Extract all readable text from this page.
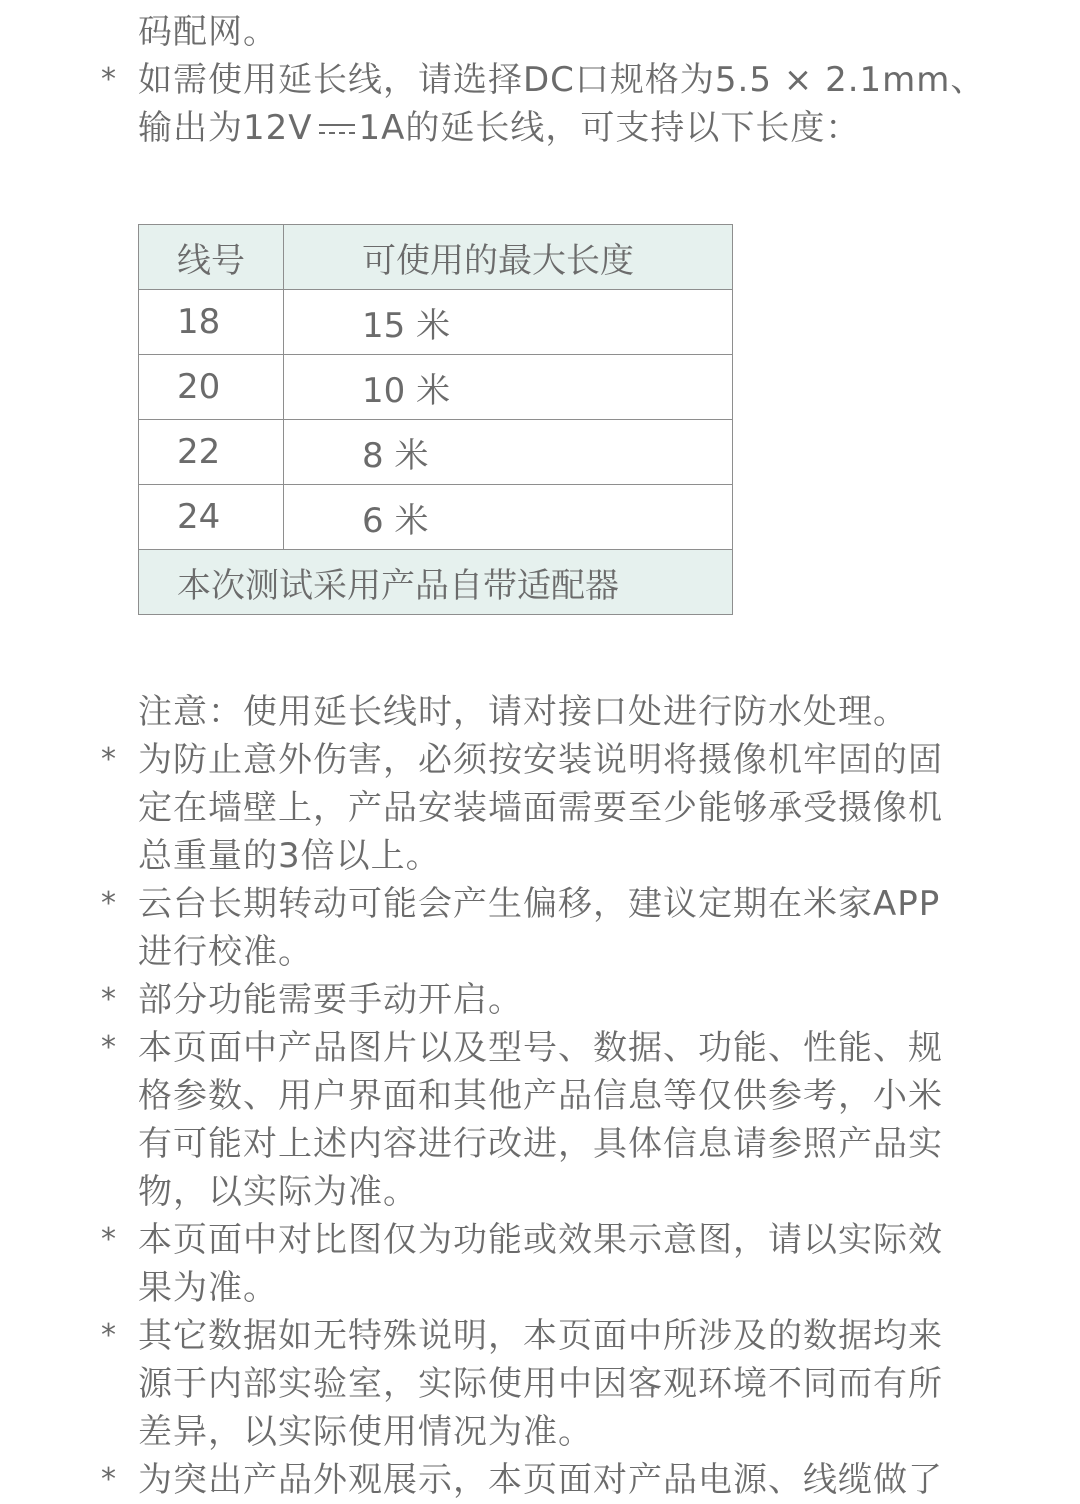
码配网。
* 如需使用延长线，请选择DC口规格为5.5 × 2.1mm、
输出为12V 1A的延长线，可支持以下长度：
线号	可使用的最大长度
18	15 米
20	10 米
22	8 米
24	6 米
本次测试采用产品自带适配器	
注意：使用延长线时，请对接口处进行防水处理。
* 为防止意外伤害，必须按安装说明将摄像机牢固的固
定在墙壁上，产品安装墙面需要至少能够承受摄像机
总重量的3倍以上。
* 云台长期转动可能会产生偏移，建议定期在米家APP
进行校准。
* 部分功能需要手动开启。
* 本页面中产品图片以及型号、数据、功能、性能、规
格参数、用户界面和其他产品信息等仅供参考，小米
有可能对上述内容进行改进，具体信息请参照产品实
物，以实际为准。
* 本页面中对比图仅为功能或效果示意图，请以实际效
果为准。
* 其它数据如无特殊说明，本页面中所涉及的数据均来
源于内部实验室，实际使用中因客观环境不同而有所
差异，以实际使用情况为准。
* 为突出产品外观展示，本页面对产品电源、线缆做了
